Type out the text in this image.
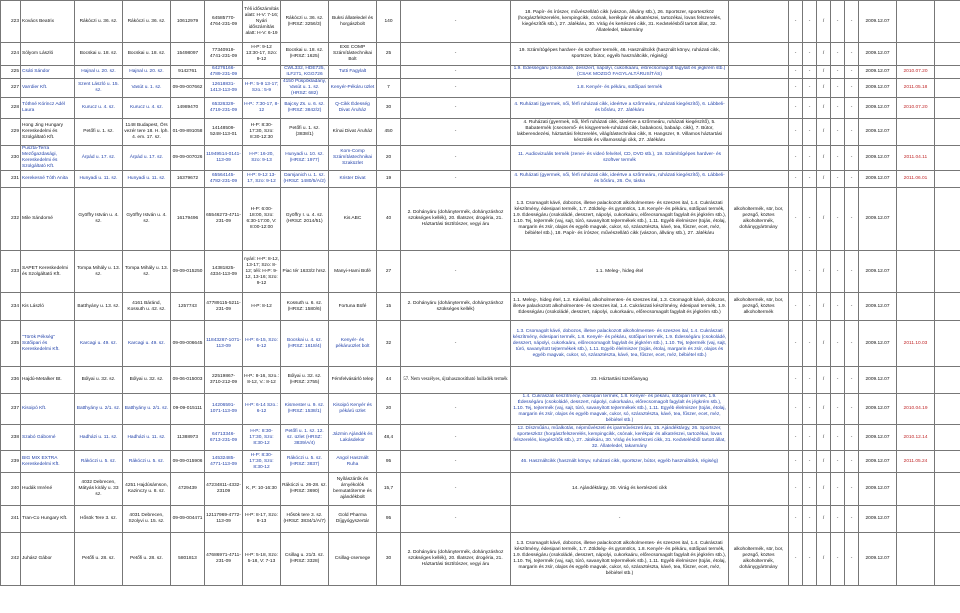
223	Kovács Beatrix	Rákóczi u. 36. sz.	Rákóczi u. 36. sz.	10612979	64585770-4764-231-09	Téli időszámítás alatt: H-V: 7-16; Nyári időszámítás alatt: H-V: 6-19	Rákóczi u. 36. sz. (HRSZ: 3256/3)	Buksi állateledel és horgászbolt	140	-	18. Papír- és írószer, művészellátó cikk (vászon, állvány stb.), 26. Sportszer, sporteszköz (horgászfelszerelés, kempingcikk, csónak, kerékpár és alkatrészei, tartozékai, lovas felszerelés, kiegészítők stb.), 27. Játékáru, 30. Virág és kertészeti cikk, 31. Kedvtelésből tartott állat, 32. Állateledel, takarmány		-	-	/	-	-	2009.12.07		
224	Sólyom László	Bocskai u. 18. sz.	Bocskai u. 18. sz.	15498097	77340919-4741-231-09	H-P: 9-12 13:30-17, Szo: 9-12	Bocskai u. 18. sz. (HRSZ: 1625)	EXE COMP Számítástechnikai Bolt	25	-	19. Számítógépes hardver- és szoftver termék, 46. Használtcikk (használt könyv, ruházati cikk, sportszer, bútor, egyéb használtcikk, régiség)		-	-	/	-	-	2009.12.07		
225	Csáti Sándor	Hajnal u. 20. sz.	Hajnal u. 20. sz.	9142761	64276166-4789-231-09		CWL332, HDE725, ILF271, KGG726	Tutti Fagylalt		-	1.9. Édességáru (csokoládé, desszert, nápolyi, cukorkaáru, előrecsomagolt fagylalt és jégkrém stb.) (CSAK MOZGÓ FAGYLALTÁRUSÍTÁS)		-	-	/	-	-	2009.12.07	2010.07.20	
227	Varrdier Kft.	Szent László u. 15. sz.	Vasút u. 1. sz.	09-09-007662	12618831-1413-113-09	H-P.: 5-9 13-17; Szo.: 5-9	4150 Püspökladány, Vasút u. 1. sz. (HRSZ: 682)	Kenyér-Pékáru üzlet	7	-	1.8. Kenyér- és pékáru, sütőipari termék		-	-	/	-	-	2009.12.07	2011.05.18	
228	Tóthné Kórincz Adél Laura	Kurucz u. 4. sz.	Kurucz u. 4. sz.	14989470	65326329-4719-231-09	H-P.: 7:30-17, 8-12	Bajcsy Zs. u. 6. sz. (HRSZ: 3842/2)	Q-Cikk Édesség Divat Áruház	30	-	4. Ruházati (gyermek, női, férfi ruházati cikk, ideértve a szőrmeáru, ruházati kiegészítő), 6. Lábbeli- és bőráru, 27. Játékáru		-	-	/	-	-	2009.12.07	2010.07.20	
229	Hong Jing Hungary Kereskedelmi és Szolgáltató Kft.	Petőfi u. 1. sz.	1148 Budapest, Örs vezér tere 18. H. lph. 4. em. 17. sz.	01-09-891058	14148509-5248-113-01	H-P: 8:30-17:30, Szo: 8:30-12:30	Petőfi u. 1. sz. (3838/1)	Kínai Divat Áruház	450	-	4. Ruházati (gyermek, női, férfi ruházati cikk, ideértve a szőrmeáru, ruházati kiegészítő), 5. Babatermék (csecsemő- és kisgyermek-ruházati cikk, babakocsi, babaáp. cikk), 7. Bútor, lakberendezési, háztartási felszerelés, világítástechnikai cikk, 8. Hangszer, 9. Villamos háztartási készülék és villamossági cikk, 27. Játékáru		-	-	/	-	-	2009.12.07		
230	Puszta-Terra Mezőgazdasági, Kereskedelmi és Szolgáltató Kft.	Árpád u. 17. sz.	Árpád u. 17. sz.	09-09-007026	11949514-0141-113-09	H-P: 16-20, Szo: 9-13	Hunyadi u. 10. sz. (HRSZ: 1977)	Kom-Comp Számítástechnikai Szaküzlet	20	-	11. Audiovizuális termék (zenei- és videó felvétel, CD, DVD stb.), 19. Számítógépes hardver- és szoftver termék		-	-	/	-	-	2009.12.07	2011.04.11	
231	Kerekesné Tóth Anita	Hunyadi u. 11. sz.	Hunyadi u. 11. sz.	16379672	65564145-4782-231-09	H-P: 9-12 13-17, Szo: 9-12	Damjanich u. 1. sz. (HRSZ: 1480/5/A/2)	Krister Divat	19	-	4. Ruházati (gyermek, női, férfi ruházati cikk, ideértve a szőrmeáru, ruházati kiegészítő), 6. Lábbeli- és bőráru, 26. Öv, táska		-	-	/	-	-	2009.12.07	2011.06.01	
232	Mile Sándorné	Gyöffry István u. 4. sz.	Gyöffry István u. 4. sz.	16179496	65546273-4711-231-09	H-P: 6:00-18:00, Szo: 6:30-17:00, V: 8:00-12:00	Gyöffry I. u. 4. sz. (HRSZ: 2014/51)	Kis ABC	40	2. Dohányáru (dohánytermék, dohányzáshoz szükséges kellék), 20. Illatszer, drogéria, 21. Háztartási tisztítószer, vegyi áru	1.3. Csomagolt kávé, dobozos, illetve palackozott alkoholmentes- és szeszes ital, 1.4. Cukrászati készítmény, édesipari termék, 1.7. Zöldség- és gyümölcs, 1.8. Kenyér- és pékáru, sütőipari termék, 1.9. Édességáru (csokoládé, desszert, nápolyi, cukorkaáru, előrecsomagolt fagylalt és jégkrém stb.), 1.10. Tej, tejtermék (vaj, sajt, túró, savanyított tejtermékek stb.), 1.11. Egyéb élelmiszer (tojás, étolaj, margarin és zsír, olajos és egyéb magvak, cukor, só, száraztészta, kávé, tea, fűszer, ecet, méz, bébiétel stb.), 18. Papír- és írószer, művészellátó cikk (vászon, állvány stb.), 27. Játékáru	alkoholtermék, sör, bor, pezsgő, köztes alkoholtermék, dohánygyártmány	-	-	/	-	-	2009.12.07		
233	SAPET Kereskedelmi és Szolgáltató Kft.	Tompa Mihály u. 13. sz.	Tompa Mihály u. 13. sz.	09-09-015250	14381825-4334-113-09	nyári: H-P: 8-12, 13-17; Szo: 8-12; téli: H-P: 9-12, 13-16; Szo: 9-12	Piac tér 1633/2 hrsz.	Manyi-Hami Büfé	27	-	1.1. Meleg-, hideg étel		-	-	/	-	-	2009.12.07		
234	Kis László	Batthyány u. 13. sz.	4161 Báránd, Kossuth u. 42. sz.	1257743	47789115-5211-231-09	H-P: 8-12	Kossuth u. 6. sz. (HRSZ: 1580/6)	Fortuna Büfé	15	2. Dohányáru (dohánytermék, dohányzáshoz szükséges kellék)	1.1. Meleg-, hideg étel, 1.2. Kávéital, alkoholmentes- és szeszes ital, 1.3. Csomagolt kávé, dobozos, illetve palackozott alkoholmentes- és szeszes ital, 1.4. Cukrászati készítmény, édesipari termék, 1.9. Édességáru (csokoládé, desszert, nápolyi, cukorkaáru, előrecsomagolt fagylalt és jégkrém stb.)	alkoholtermék, sör, bor, pezsgő, köztes alkoholtermék	-	-	/	-	-	2009.12.07		
235	"Török Pékség" Sütőipari és Kereskedelmi Kft.	Karcagi u. 49. sz.	Karcagi u. 49. sz.	09-09-006645	11843267-1071-113-09	H-P: 6-15, Szo: 6-12	Bocskai u. 4. sz. (HRSZ: 1618/4)	Kenyér- és pékáruüzlet bolt	32	-	1.3. Csomagolt kávé, dobozos, illetve palackozott alkoholmentes- és szeszes ital, 1.4. Cukrászati készítmény, édesipari termék, 1.8. Kenyér- és pékáru, sütőipari termék, 1.9. Édességáru (csokoládé, desszert, nápolyi, cukorkaáru, előrecsomagolt fagylalt és jégkrém stb.), 1.10. Tej, tejtermék (vaj, sajt, túró, savanyított tejtermékek stb.), 1.11. Egyéb élelmiszer (tojás, étolaj, margarin és zsír, olajos és egyéb magvak, cukor, só, száraztészta, kávé, tea, fűszer, ecet, méz, bébiétel stb.)		-	-	/	-	-	2009.12.07	2011.10.03	
236	Hajdú-Metalker Bt.	Bólyai u. 32. sz.	Bólyai u. 32. sz.	09-06-015003	22519867-3710-212-09	H-P.: 8-16, Szo.: 8-12, V.: 8-12	Bólyai u. 32. sz. (HRSZ: 2755)	Fémfelvásárló telep	44	57. Nem veszélyes, újrahasznosítható hulladék termék	23. Háztartási tüzelőanyag		-	-	/	-	-	2009.12.07		
237	Kisoipó Kft.	Batthyány u. 2/1. sz.	Batthyány u. 2/1. sz.	09-09-015111	14206591-1071-113-09	H-P: 6-14 Szo.: 6-12	Kismester u. 9. sz. (HRSZ: 1538/1)	Kisoipó Kenyér és pékárú üzlet	20	-	1.4. Cukrászati készítmény, édesipari termék, 1.8. Kenyér- és pékáru, sütőipari termék, 1.9. Édességáru (csokoládé, desszert, nápolyi, cukorkaáru, előrecsomagolt fagylalt és jégkrém stb.), 1.10. Tej, tejtermék (vaj, sajt, túró, savanyított tejtermékek stb.), 1.11. Egyéb élelmiszer (tojás, étolaj, margarin és zsír, olajos és egyéb magvak, cukor, só, száraztészta, kávé, tea, fűszer, ecet, méz, bébiétel stb.)		-	-	/	-	-	2009.12.07	2010.04.19	
238	Szabó Gáborné	Hadházi u. 11. sz.	Hadházi u. 11. sz.	11388973	64713346-6713-231-09	H-P.: 8:30-17:30, Szo: 8:30-12	Petőfi u. 1. sz. 12. sz. üzlet (HRSZ: 3839/A/4)	Jázmin Ajándék és Lakásdekor	48,4	-	12. Díszműáru, műalkotás, népművészeti és iparművészeti áru, 15. Ajándéktárgy, 26. Sportszer, sporteszköz (horgászfelszerelés, kempingcikk, csónak, kerékpár és alkatrészei, tartozékai, lovas felszerelés, kiegészítők stb.), 27. Játékáru, 30. Virág és kertészeti cikk, 31. Kedvtelésből tartott állat, 32. Állateledel, takarmány		-	-	/	-	-	2009.12.07	2010.12.14	
239	BIG MIX EXTRA Kereskedelmi Kft.	Rákóczi u. 5. sz.	Rákóczi u. 5. sz.	09-09-015906	14532485-4771-113-09	H-P: 8:30-17:30, Szo: 8:30-12	Rákóczi u. 5. sz. (HRSZ: 3837)	Angol Használt Ruha	95	-	46. Használtcikk (használt könyv, ruházati cikk, sportszer, bútor, egyéb használtcikk, régiség)		-	-	/	-	-	2009.12.07	2011.05.24	
240	Hudák Imréné	4032 Debrecen, Mátyás király u. 33 sz.	4251 Hajdúsámson, Kazinczy u. 8. sz.	4729439	47234811-4332-23109	K, P: 10-16:30	Rákóczi u. 26-28. sz. (HRSZ: 3690)	Nyílászárók és árnyékolók bemutatóterme és ajándékbolt	15,7	-	14. Ajándéktárgy, 30. Virág és kertészeti cikk		-	-	/	-	-	2009.12.07		
241	Tran-Co Hungary Kft.	Hősök Tere 3. sz.	4031 Debrecen, Szolyvi u. 15. sz.	09-09-004471	12117969-4772-113-09	H-P: 8-17, Szo: 8-13	Hősök tere 3. sz. (HRSZ: 3834/1/A/7)	Gold Pharma Díjgyógyszertár	95	-	-		-	-	/	-	-	2009.12.07		
242	Juhász Gábor	Petőfi u. 28. sz.	Petőfi u. 28. sz.	5801813	47686971-4711-231-09	H-P: 5-18, Szo: 5-18, V: 7-13	Csillag u. 21/3. sz. (HRSZ: 3328)	Csillag-csemege	30	2. Dohányáru (dohánytermék, dohányzáshoz szükséges kellék), 20. Illatszer, drogéria, 21. Háztartási tisztítószer, vegyi áru	1.3. Csomagolt kávé, dobozos, illetve palackozott alkoholmentes- és szeszes ital, 1.4. Cukrászati készítmény, édesipari termék, 1.7. Zöldség- és gyümölcs, 1.8. Kenyér- és pékáru, sütőipari termék, 1.9. Édességáru (csokoládé, desszert, nápolyi, cukorkaáru, előrecsomagolt fagylalt és jégkrém stb.), 1.10. Tej, tejtermék (vaj, sajt, túró, savanyított tejtermékek stb.), 1.11. Egyéb élelmiszer (tojás, étolaj, margarin és zsír, olajos és egyéb magvak, cukor, só, száraztészta, kávé, tea, fűszer, ecet, méz, bébiétel stb.)	alkoholtermék, sör, bor, pezsgő, köztes alkoholtermék, dohánygyártmány	-	-	/	-	-	2009.12.07		
